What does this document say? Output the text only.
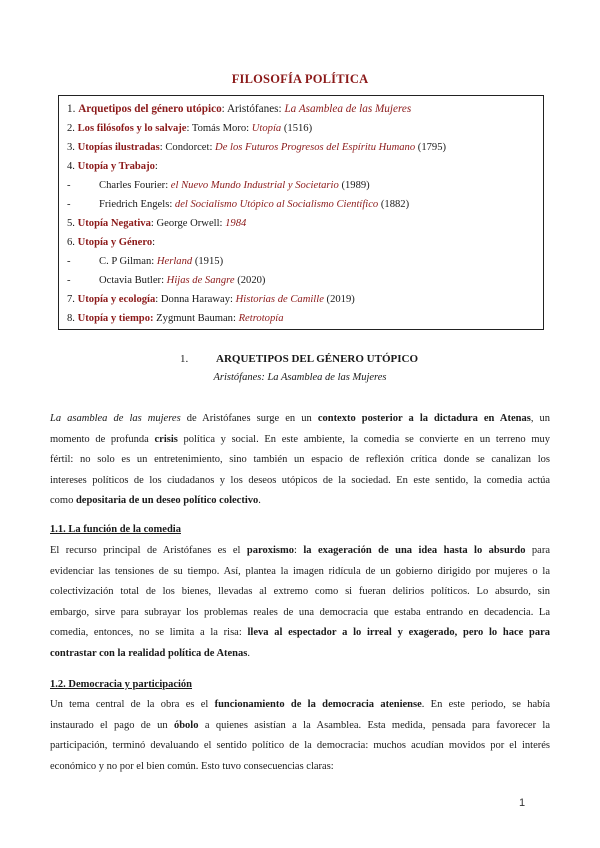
FILOSOFÍA POLÍTICA
1. Arquetipos del género utópico: Aristófanes: La Asamblea de las Mujeres
2. Los filósofos y lo salvaje: Tomás Moro: Utopía (1516)
3. Utopías ilustradas: Condorcet: De los Futuros Progresos del Espíritu Humano (1795)
4. Utopía y Trabajo:
-	Charles Fourier: el Nuevo Mundo Industrial y Societario (1989)
-	Friedrich Engels: del Socialismo Utópico al Socialismo Científico (1882)
5. Utopía Negativa: George Orwell: 1984
6. Utopía y Género:
-	C. P Gilman: Herland (1915)
-	Octavia Butler: Hijas de Sangre (2020)
7. Utopía y ecología: Donna Haraway: Historias de Camille (2019)
8. Utopía y tiempo: Zygmunt Bauman: Retrotopía
1.	ARQUETIPOS DEL GÉNERO UTÓPICO
Aristófanes: La Asamblea de las Mujeres
La asamblea de las mujeres de Aristófanes surge en un contexto posterior a la dictadura en Atenas, un
momento de profunda crisis política y social. En este ambiente, la comedia se convierte en un terreno muy
fértil: no solo es un entretenimiento, sino también un espacio de reflexión crítica donde se canalizan los
intereses políticos de los ciudadanos y los deseos utópicos de la sociedad. En este sentido, la comedia actúa
como depositaria de un deseo político colectivo.
1.1. La función de la comedia
El recurso principal de Aristófanes es el paroxismo: la exageración de una idea hasta lo absurdo para
evidenciar las tensiones de su tiempo. Así, plantea la imagen ridícula de un gobierno dirigido por mujeres o la
colectivización total de los bienes, llevadas al extremo como si fueran delirios políticos. Lo absurdo, sin
embargo, sirve para subrayar los problemas reales de una democracia que estaba entrando en decadencia. La
comedia, entonces, no se limita a la risa: lleva al espectador a lo irreal y exagerado, pero lo hace para
contrastar con la realidad política de Atenas.
1.2. Democracia y participación
Un tema central de la obra es el funcionamiento de la democracia ateniense. En este periodo, se había
instaurado el pago de un óbolo a quienes asistían a la Asamblea. Esta medida, pensada para favorecer la
participación, terminó devaluando el sentido político de la democracia: muchos acudían movidos por el interés
económico y no por el bien común. Esto tuvo consecuencias claras:
1
